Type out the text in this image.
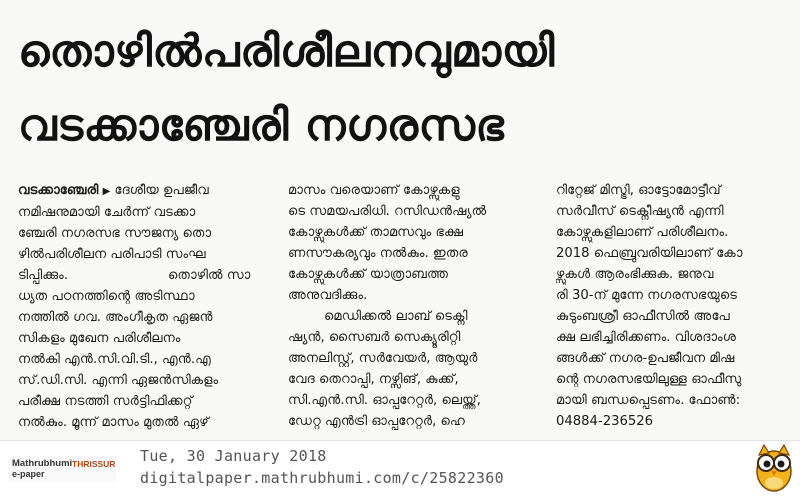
തൊഴിൽപരിശീലനവുമായി
വടക്കാഞ്ചേരി നഗരസഭ

വടക്കാഞ്ചേരി ▶ ദേശീയ ഉപജീവ

നമിഷനുമായി ചേർന്ന് വടക്കാ

ഞ്ചേരി നഗരസഭ സൗജന്യ തൊ

ഴിൽപരിശീലന പരിപാടി സംഘ

ടിപ്പിക്കും.	തൊഴിൽ സാ

ധ്യത പഠനത്തിന്റെ അടിസ്ഥാ

നത്തിൽ ഗവ. അംഗീകൃത ഏജൻ

സികളം മുഖേന പരിശീലനം

നൽകി എൻ.സി.വി.ടി., എൻ.എ

സ്.ഡി.സി. എന്നി ഏജൻസികളം

പരീക്ഷ നടത്തി സർട്ടിഫിക്കറ്റ്

നൽകും. മൂന്ന് മാസം മുതൽ ഏഴ്

മാസം വരെയാണ് കോഴ്സുകളു

ടെ സമയപരിധി. റസിഡൻഷ്യൽ

കോഴ്സുകൾക്ക് താമസവും ഭക്ഷ

ണസൗകര്യവും നൽകും. ഇതര

കോഴ്സുകൾക്ക് യാത്രാബത്ത

അനുവദിക്കും.

മെഡിക്കൽ ലാബ് ടെക്നി

ഷ്യൻ, സൈബർ സെക്യൂരിറ്റി

അനലിസ്റ്റ്, സർവേയർ, ആയുർ

വേദ തെറാപ്പി, നഴ്സിങ്, കുക്ക്,

സി.എൻ.സി. ഓപ്പറേറ്റർ, ലെയ്ത്ത്,

ഡേറ്റ എൻട്രി ഓപ്പറേറ്റർ, ഹെ

റിറ്റേജ് മിസ്ട്രി, ഓട്ടോമോട്ടീവ്

സർവീസ് ടെക്നീഷ്യൻ എന്നി

കോഴ്സുകളിലാണ് പരിശീലനം.

2018 ഫെബ്രുവരിയിലാണ് കോ

ഴ്സുകൾ ആരംഭിക്കുക. ജനുവ

രി 30-ന് മുന്നേ നഗരസഭയുടെ

കുടുംബശ്രീ ഓഫീസിൽ അപേ

ക്ഷ ലഭിച്ചിരിക്കണം. വിശദാംശ

ങ്ങൾക്ക് നഗര-ഉപജീവന മിഷ

ന്റെ നഗരസഭയിലുള്ള ഓഫീസു

മായി ബന്ധപ്പെടണം. ഫോൺ:

04884-236526

Mathrubhumi
e-paper
THRISSUR Tue, 30 January 2018
digitalpaper.mathrubhumi.com/c/25822360
